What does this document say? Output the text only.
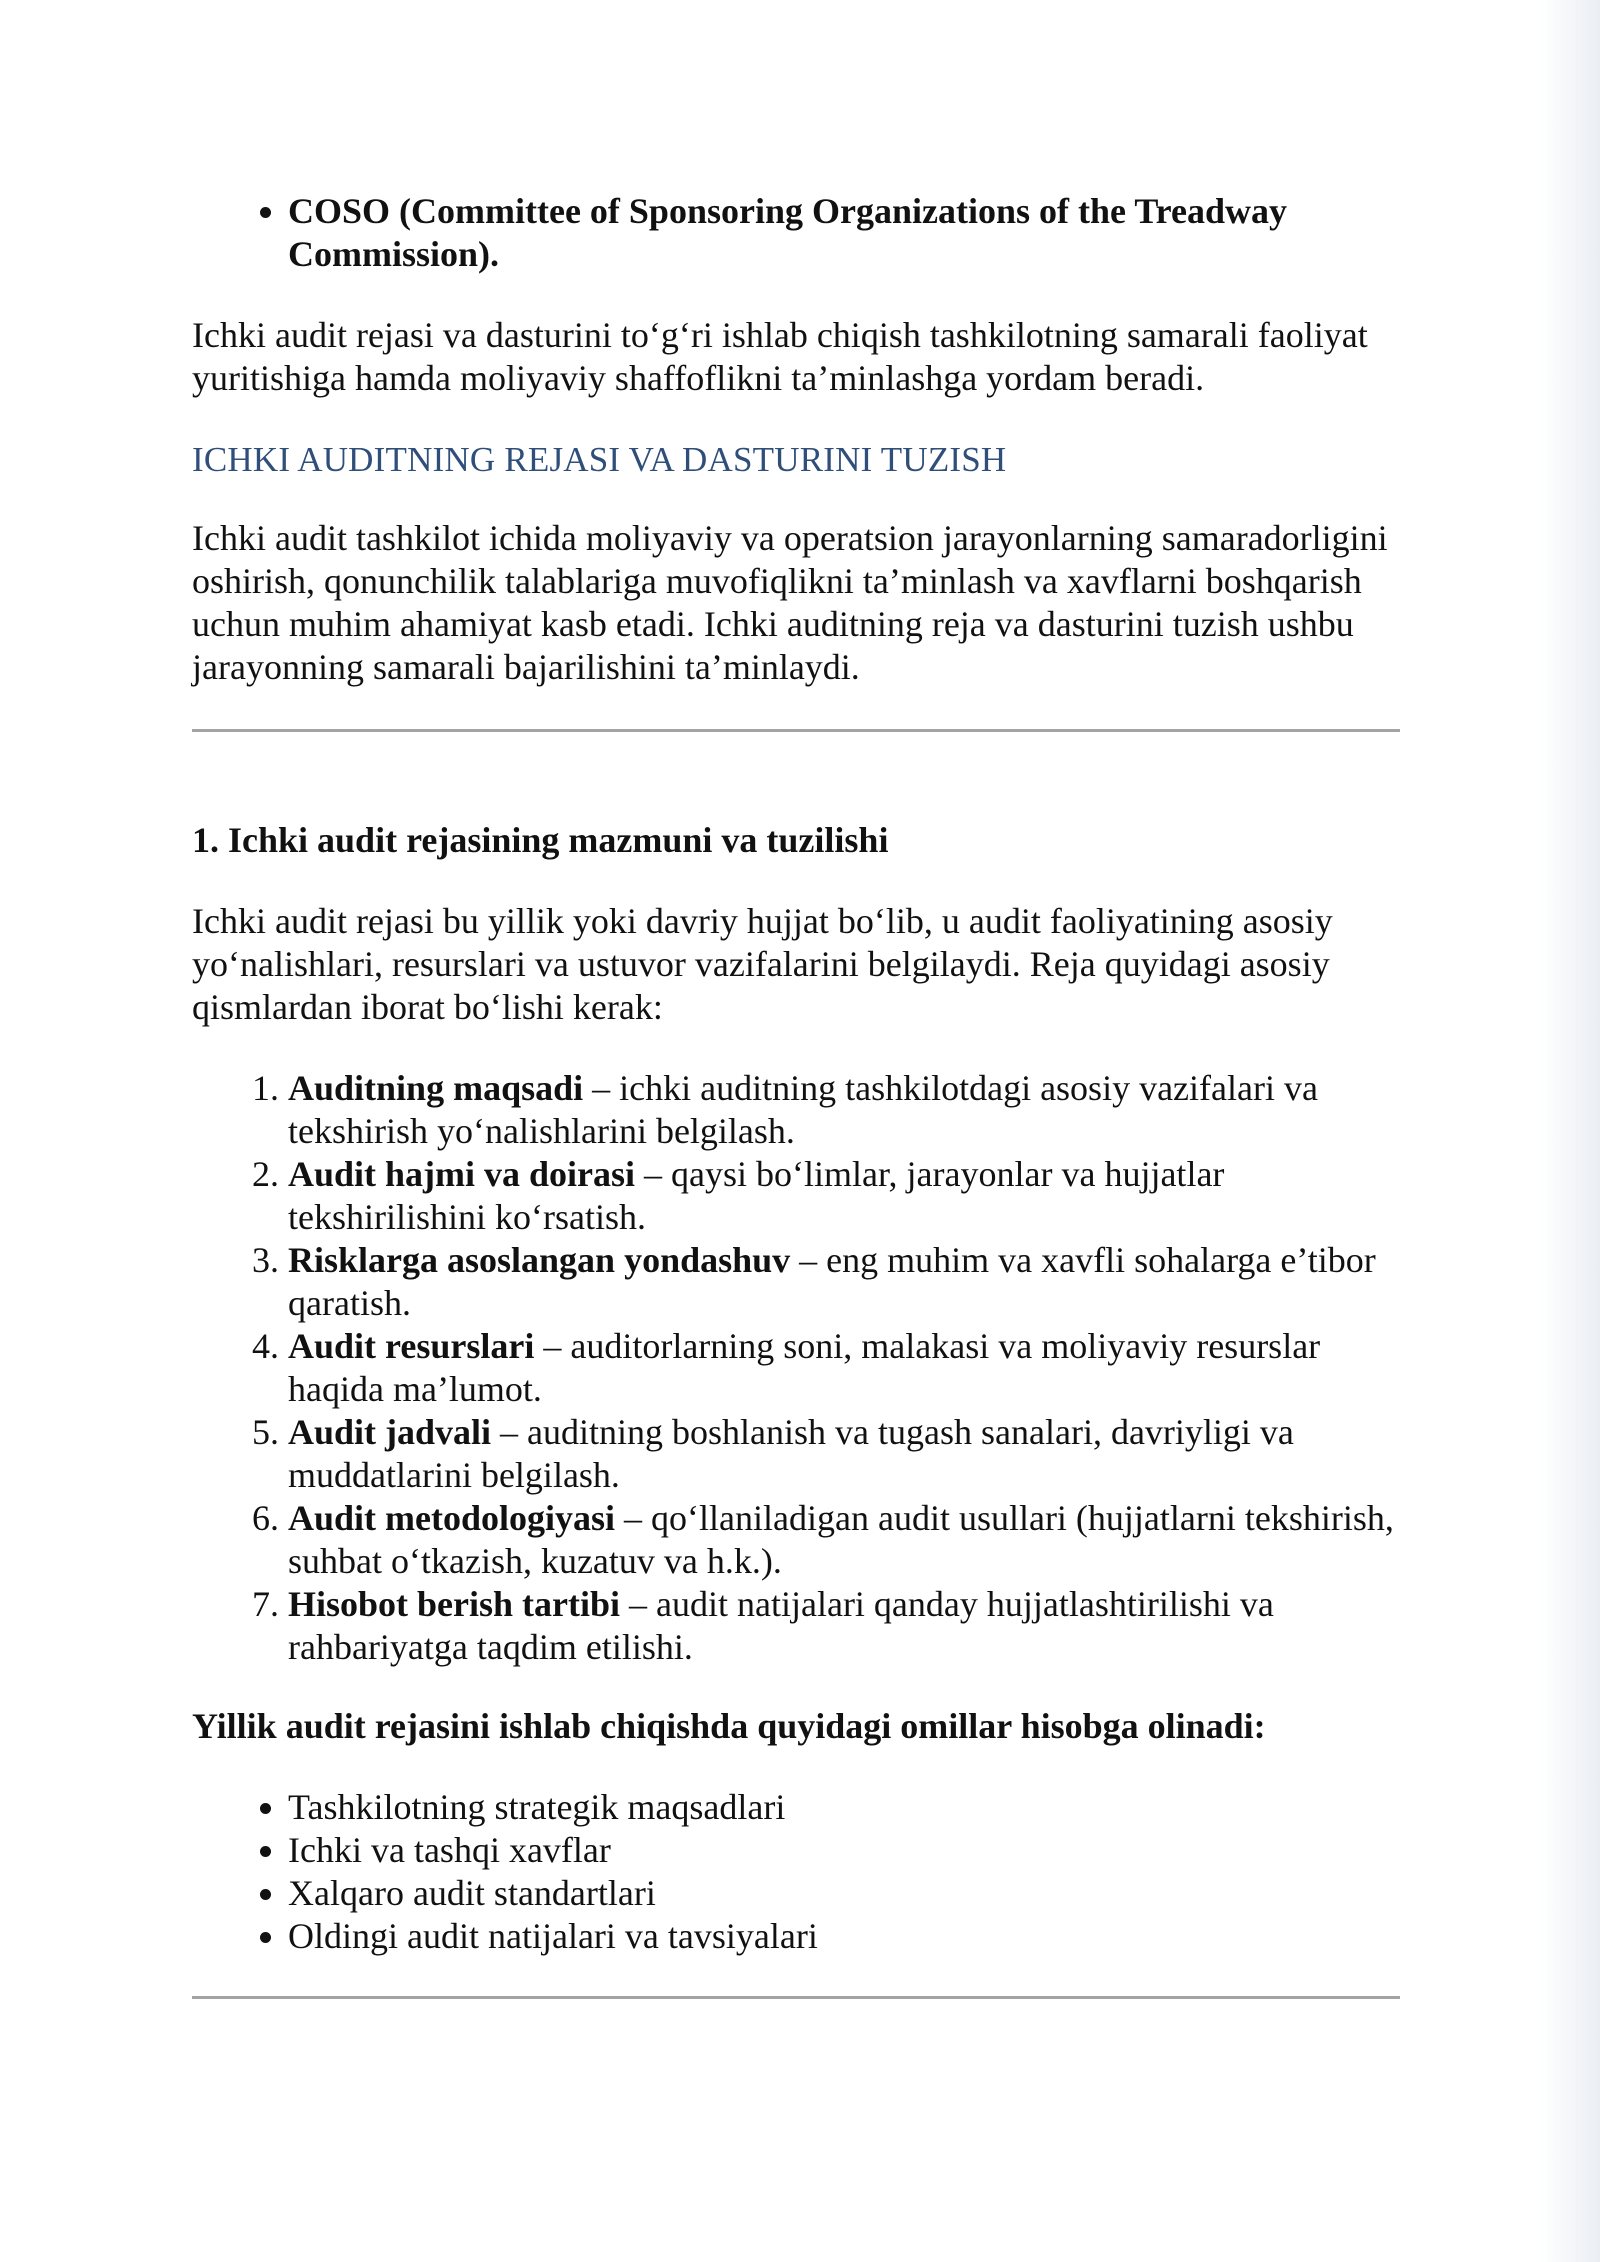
• COSO (Committee of Sponsoring Organizations of the Treadway Commission).

Ichki audit rejasi va dasturini to‘g‘ri ishlab chiqish tashkilotning samarali faoliyat yuritishiga hamda moliyaviy shaffoflikni ta’minlashga yordam beradi.

ICHKI AUDITNING REJASI VA DASTURINI TUZISH

Ichki audit tashkilot ichida moliyaviy va operatsion jarayonlarning samaradorligini oshirish, qonunchilik talablariga muvofiqlikni ta’minlash va xavflarni boshqarish uchun muhim ahamiyat kasb etadi. Ichki auditning reja va dasturini tuzish ushbu jarayonning samarali bajarilishini ta’minlaydi.

1. Ichki audit rejasining mazmuni va tuzilishi

Ichki audit rejasi bu yillik yoki davriy hujjat bo‘lib, u audit faoliyatining asosiy yo‘nalishlari, resurslari va ustuvor vazifalarini belgilaydi. Reja quyidagi asosiy qismlardan iborat bo‘lishi kerak:

1. Auditning maqsadi – ichki auditning tashkilotdagi asosiy vazifalari va tekshirish yo‘nalishlarini belgilash.
2. Audit hajmi va doirasi – qaysi bo‘limlar, jarayonlar va hujjatlar tekshirilishini ko‘rsatish.
3. Risklarga asoslangan yondashuv – eng muhim va xavfli sohalarga e’tibor qaratish.
4. Audit resurslari – auditorlarning soni, malakasi va moliyaviy resurslar haqida ma’lumot.
5. Audit jadvali – auditning boshlanish va tugash sanalari, davriyligi va muddatlarini belgilash.
6. Audit metodologiyasi – qo‘llaniladigan audit usullari (hujjatlarni tekshirish, suhbat o‘tkazish, kuzatuv va h.k.).
7. Hisobot berish tartibi – audit natijalari qanday hujjatlashtirilishi va rahbariyatga taqdim etilishi.

Yillik audit rejasini ishlab chiqishda quyidagi omillar hisobga olinadi:

• Tashkilotning strategik maqsadlari
• Ichki va tashqi xavflar
• Xalqaro audit standartlari
• Oldingi audit natijalari va tavsiyalari
